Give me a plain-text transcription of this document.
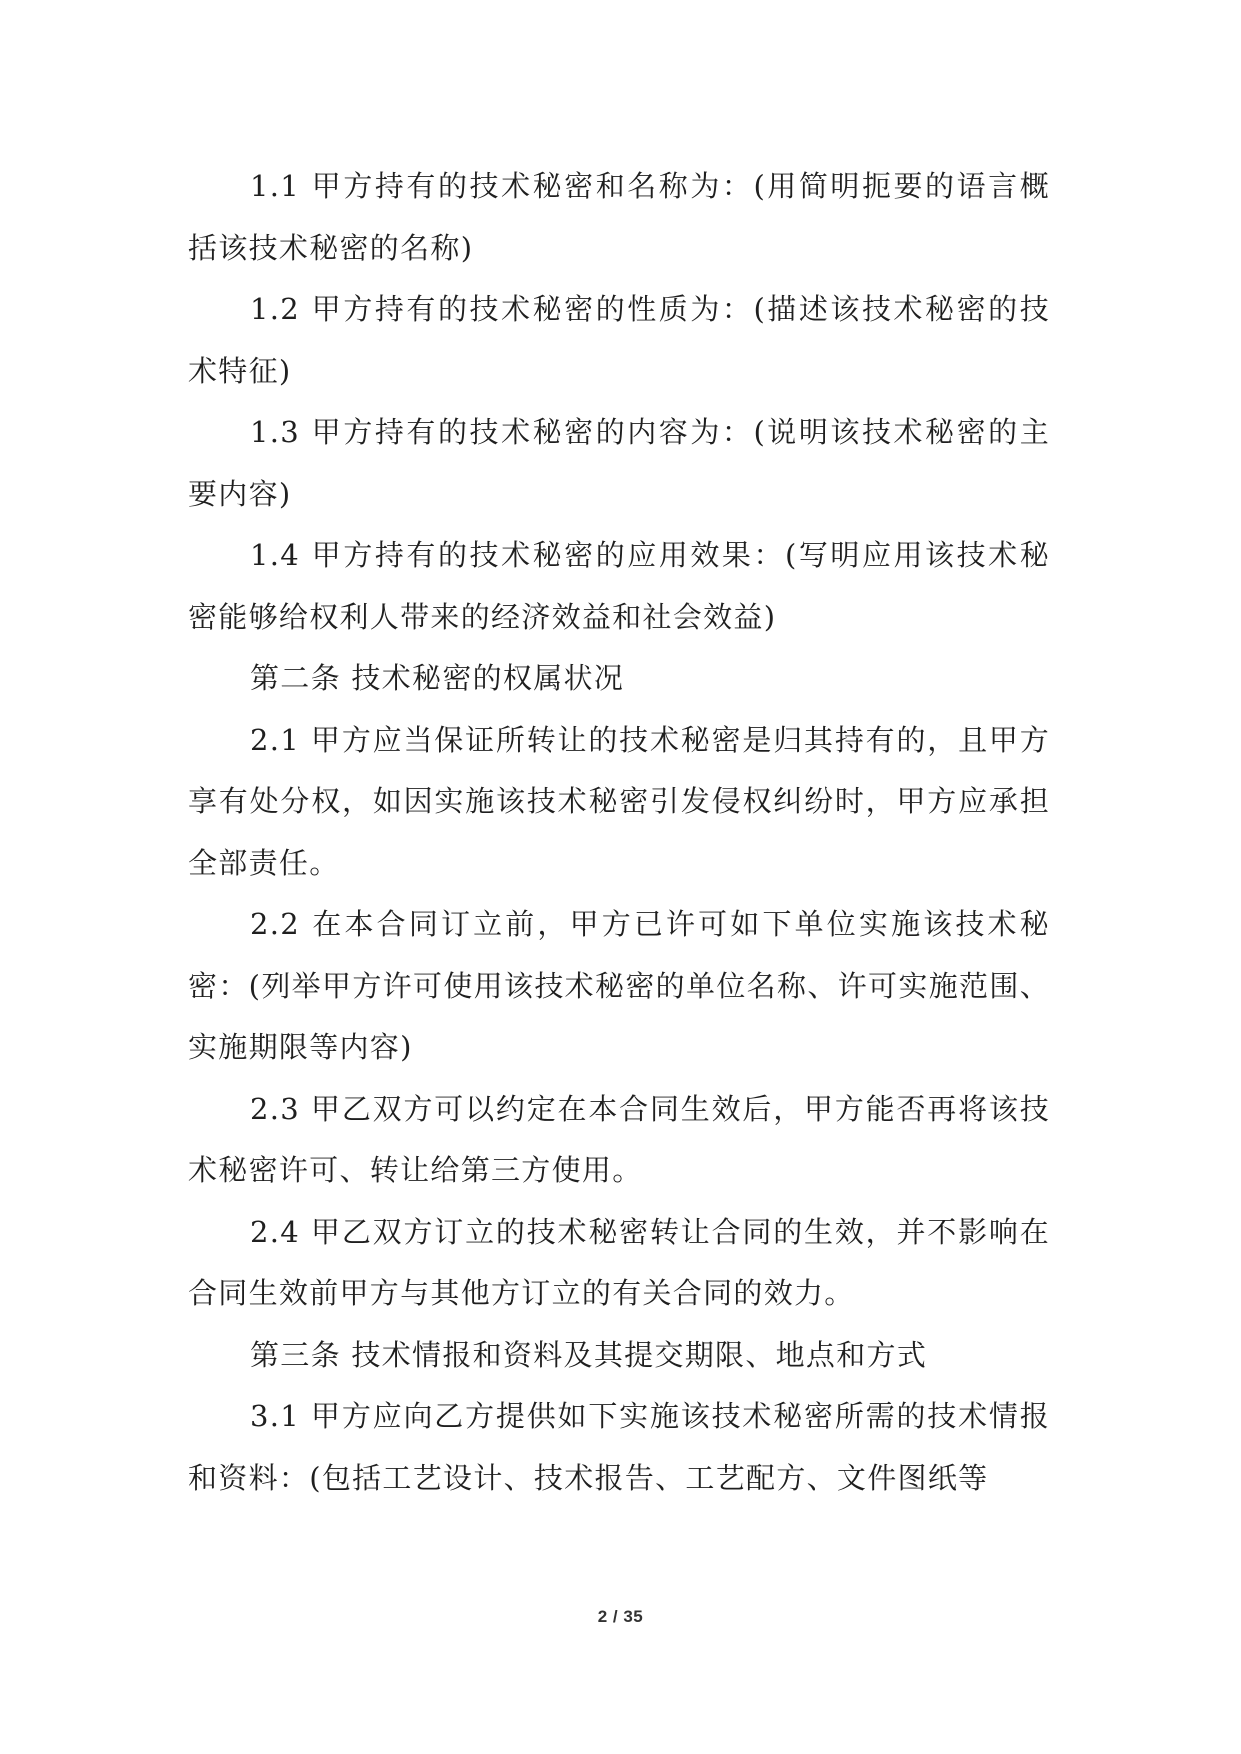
1.1 甲方持有的技术秘密和名称为：(用简明扼要的语言概括该技术秘密的名称)

1.2 甲方持有的技术秘密的性质为：(描述该技术秘密的技术特征)

1.3 甲方持有的技术秘密的内容为：(说明该技术秘密的主要内容)

1.4 甲方持有的技术秘密的应用效果：(写明应用该技术秘密能够给权利人带来的经济效益和社会效益)

第二条 技术秘密的权属状况

2.1 甲方应当保证所转让的技术秘密是归其持有的，且甲方享有处分权，如因实施该技术秘密引发侵权纠纷时，甲方应承担全部责任。

2.2 在本合同订立前，甲方已许可如下单位实施该技术秘密：(列举甲方许可使用该技术秘密的单位名称、许可实施范围、实施期限等内容)

2.3 甲乙双方可以约定在本合同生效后，甲方能否再将该技术秘密许可、转让给第三方使用。

2.4 甲乙双方订立的技术秘密转让合同的生效，并不影响在合同生效前甲方与其他方订立的有关合同的效力。

第三条 技术情报和资料及其提交期限、地点和方式

3.1 甲方应向乙方提供如下实施该技术秘密所需的技术情报和资料：(包括工艺设计、技术报告、工艺配方、文件图纸等

2 / 35
